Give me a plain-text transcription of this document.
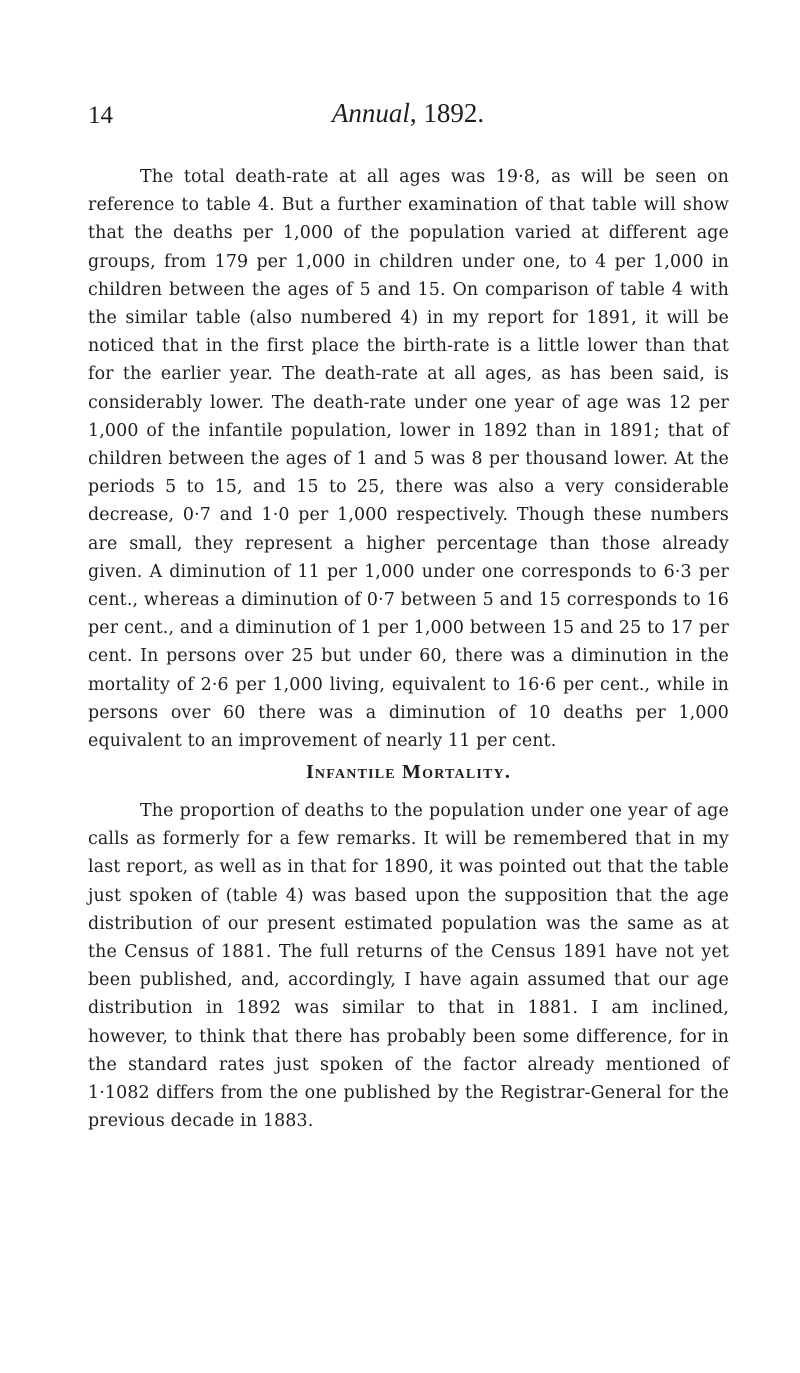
14	Annual, 1892.

The total death-rate at all ages was 19·8, as will be seen on reference to table 4. But a further examination of that table will show that the deaths per 1,000 of the population varied at different age groups, from 179 per 1,000 in children under one, to 4 per 1,000 in children between the ages of 5 and 15. On comparison of table 4 with the similar table (also numbered 4) in my report for 1891, it will be noticed that in the first place the birth-rate is a little lower than that for the earlier year. The death-rate at all ages, as has been said, is considerably lower. The death-rate under one year of age was 12 per 1,000 of the infantile population, lower in 1892 than in 1891; that of children between the ages of 1 and 5 was 8 per thousand lower. At the periods 5 to 15, and 15 to 25, there was also a very considerable decrease, 0·7 and 1·0 per 1,000 respectively. Though these numbers are small, they represent a higher percentage than those already given. A diminution of 11 per 1,000 under one corresponds to 6·3 per cent., whereas a diminution of 0·7 between 5 and 15 corresponds to 16 per cent., and a diminution of 1 per 1,000 between 15 and 25 to 17 per cent. In persons over 25 but under 60, there was a diminution in the mortality of 2·6 per 1,000 living, equivalent to 16·6 per cent., while in persons over 60 there was a diminution of 10 deaths per 1,000 equivalent to an improvement of nearly 11 per cent.

Infantile Mortality.

The proportion of deaths to the population under one year of age calls as formerly for a few remarks. It will be remembered that in my last report, as well as in that for 1890, it was pointed out that the table just spoken of (table 4) was based upon the supposition that the age distribution of our present estimated population was the same as at the Census of 1881. The full returns of the Census 1891 have not yet been published, and, accordingly, I have again assumed that our age distribution in 1892 was similar to that in 1881. I am inclined, however, to think that there has probably been some difference, for in the standard rates just spoken of the factor already mentioned of 1·1082 differs from the one published by the Registrar-General for the previous decade in 1883.
